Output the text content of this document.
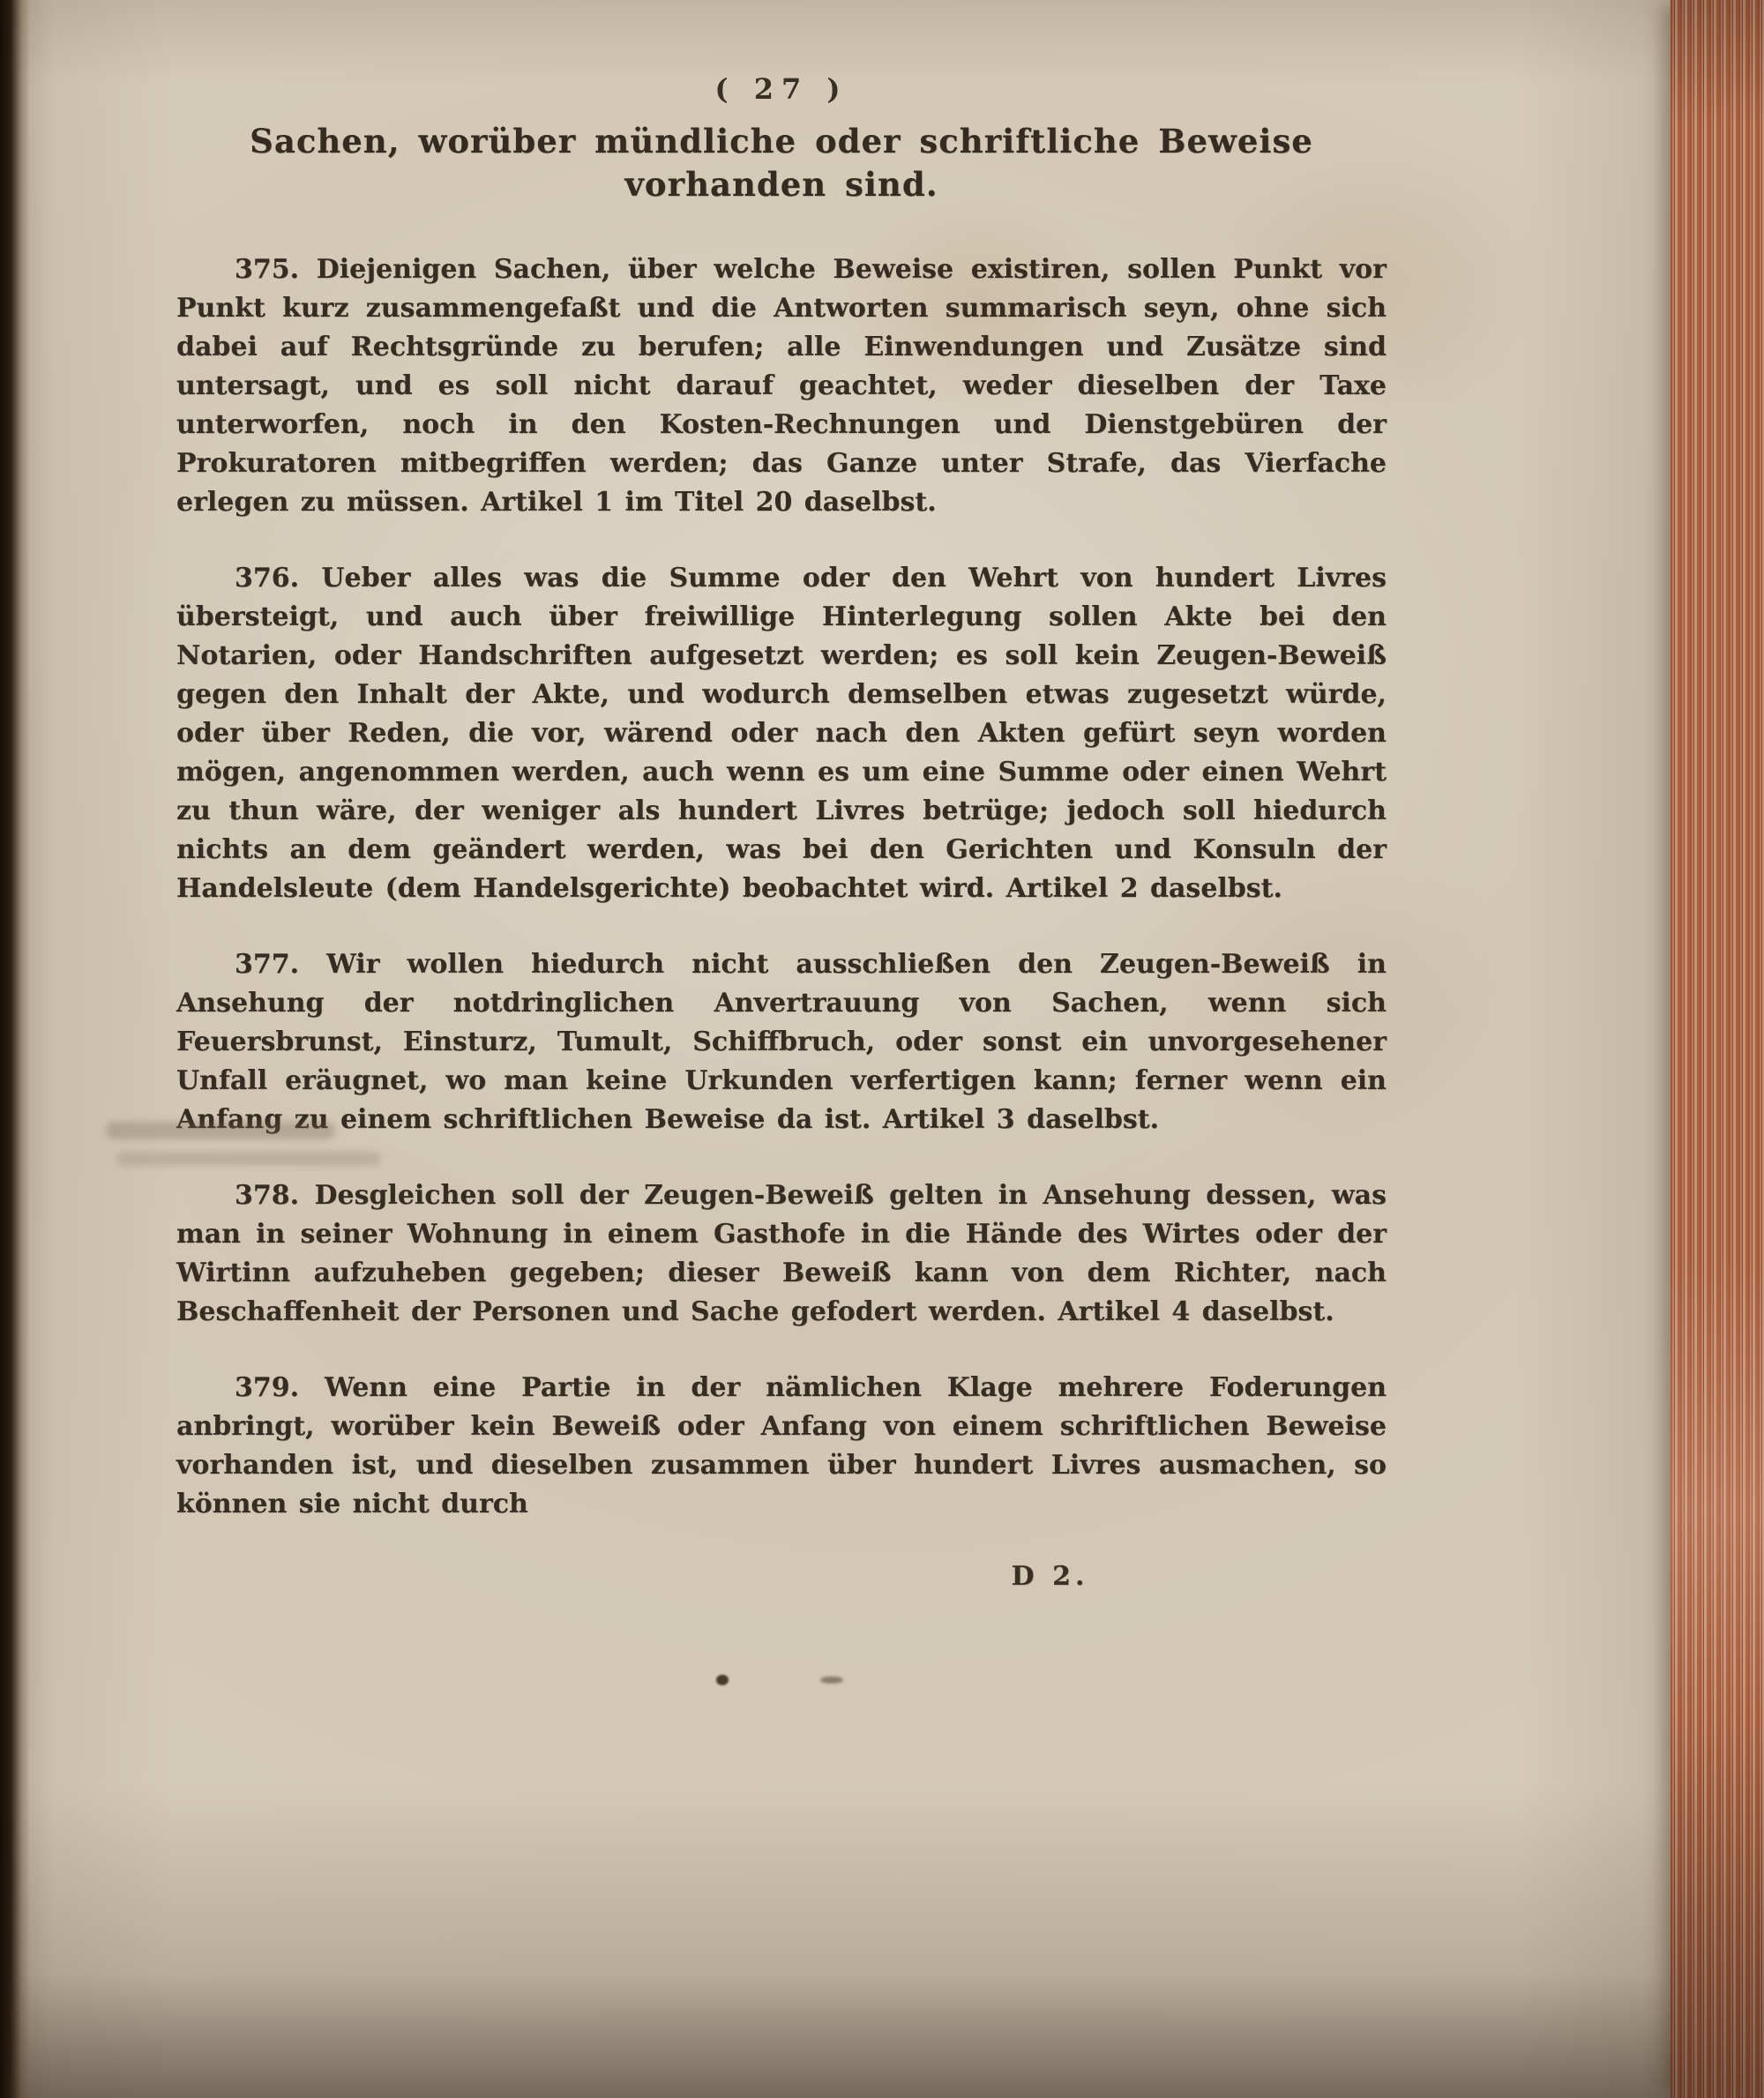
( 27 )
Sachen, worüber mündliche oder schriftliche Beweise
vorhanden sind.

375. Diejenigen Sachen, über welche Beweise existiren, sollen Punkt vor Punkt kurz zusammengefaßt und die Antworten summarisch seyn, ohne sich dabei auf Rechtsgründe zu berufen; alle Einwendungen und Zusätze sind untersagt, und es soll nicht darauf geachtet, weder dieselben der Taxe unterworfen, noch in den Kosten-Rechnungen und Dienstgebüren der Prokuratoren mitbegriffen werden; das Ganze unter Strafe, das Vierfache erlegen zu müssen. Artikel 1 im Titel 20 daselbst.

376. Ueber alles was die Summe oder den Wehrt von hundert Livres übersteigt, und auch über freiwillige Hinterlegung sollen Akte bei den Notarien, oder Handschriften aufgesetzt werden; es soll kein Zeugen-Beweiß gegen den Inhalt der Akte, und wodurch demselben etwas zugesetzt würde, oder über Reden, die vor, wärend oder nach den Akten gefürt seyn worden mögen, angenommen werden, auch wenn es um eine Summe oder einen Wehrt zu thun wäre, der weniger als hundert Livres betrüge; jedoch soll hiedurch nichts an dem geändert werden, was bei den Gerichten und Konsuln der Handelsleute (dem Handelsgerichte) beobachtet wird. Artikel 2 daselbst.

377. Wir wollen hiedurch nicht ausschließen den Zeugen-Beweiß in Ansehung der notdringlichen Anvertrauung von Sachen, wenn sich Feuersbrunst, Einsturz, Tumult, Schiffbruch, oder sonst ein unvorgesehener Unfall eräugnet, wo man keine Urkunden verfertigen kann; ferner wenn ein Anfang zu einem schriftlichen Beweise da ist. Artikel 3 daselbst.

378. Desgleichen soll der Zeugen-Beweiß gelten in Ansehung dessen, was man in seiner Wohnung in einem Gasthofe in die Hände des Wirtes oder der Wirtinn aufzuheben gegeben; dieser Beweiß kann von dem Richter, nach Beschaffenheit der Personen und Sache gefodert werden. Artikel 4 daselbst.

379. Wenn eine Partie in der nämlichen Klage mehrere Foderungen anbringt, worüber kein Beweiß oder Anfang von einem schriftlichen Beweise vorhanden ist, und dieselben zusammen über hundert Livres ausmachen, so können sie nicht durch

D 2.
